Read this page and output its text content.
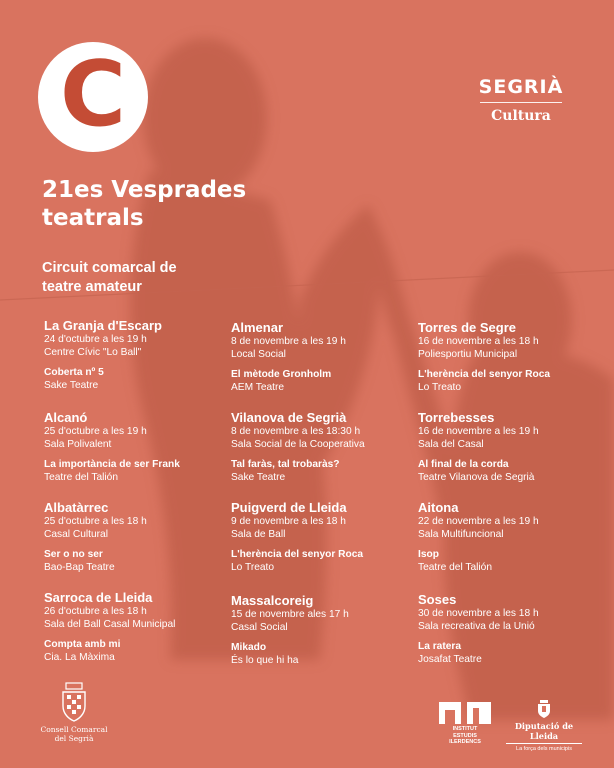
C	SEGRIÀ
Cultura
21es Vesprades
teatrals
Circuit comarcal de
teatre amateur
La Granja d'Escarp
24 d'octubre a les 19 h
Centre Cívic "Lo Ball"
Coberta nº 5
Sake Teatre
Alcanó
25 d'octubre a les 19 h
Sala Polivalent
La importància de ser Frank
Teatre del Talión
Albatàrrec
25 d'octubre a les 18 h
Casal Cultural
Ser o no ser
Bao-Bap Teatre
Sarroca de Lleida
26 d'octubre a les 18 h
Sala del Ball Casal Municipal
Compta amb mi
Cia. La Màxima
Almenar
8 de novembre a les 19 h
Local Social
El mètode Gronholm
AEM Teatre
Vilanova de Segrià
8 de novembre a les 18:30 h
Sala Social de la Cooperativa
Tal faràs, tal trobaràs?
Sake Teatre
Puigverd de Lleida
9 de novembre a les 18 h
Sala de Ball
L'herència del senyor Roca
Lo Treato
Massalcoreig
15 de novembre ales 17 h
Casal Social
Mikado
És lo que hi ha
Torres de Segre
16 de novembre a les 18 h
Poliesportiu Municipal
L'herència del senyor Roca
Lo Treato
Torrebesses
16 de novembre a les 19 h
Sala del Casal
Al final de la corda
Teatre Vilanova de Segrià
Aitona
22 de novembre a les 19 h
Sala Multifuncional
Isop
Teatre del Talión
Soses
30 de novembre a les 18 h
Sala recreativa de la Unió
La ratera
Josafat Teatre
Consell Comarcal
del Segrià
INSTITUT
ESTUDIS
ILERDENCS
Diputació de Lleida
La força dels municipis
